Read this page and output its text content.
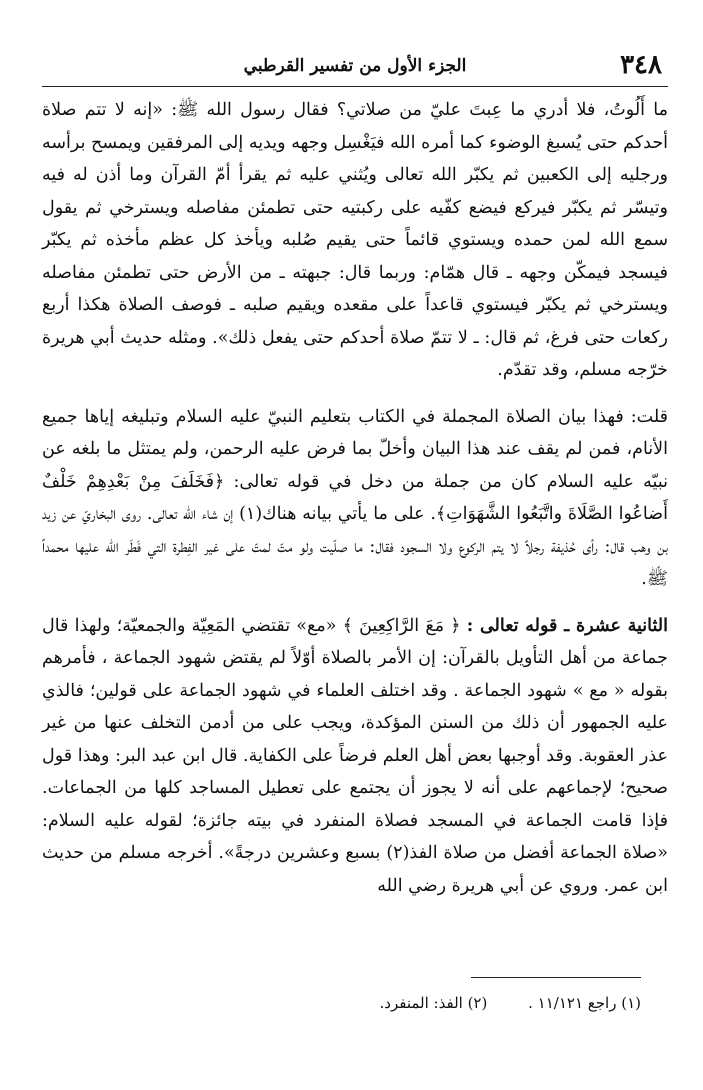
٣٤٨
الجزء الأول من تفسير القرطبي

ما أَلُوتُ، فلا أدري ما عِبتَ عليّ من صلاتي؟ فقال رسول الله ﷺ: «إنه لا تتم صلاة أحدكم حتى يُسبغ الوضوء كما أمره الله فيَغْسِل وجهه ويديه إلى المرفقين ويمسح برأسه ورجليه إلى الكعبين ثم يكبّر الله تعالى ويُثني عليه ثم يقرأ أمّ القرآن وما أذن له فيه وتيسّر ثم يكبّر فيركع فيضع كفّيه على ركبتيه حتى تطمئن مفاصله ويسترخي ثم يقول سمع الله لمن حمده ويستوي قائماً حتى يقيم صُلبه ويأخذ كل عظم مأخذه ثم يكبّر فيسجد فيمكّن وجهه ـ قال همّام: وربما قال: جبهته ـ من الأرض حتى تطمئن مفاصله ويسترخي ثم يكبّر فيستوي قاعداً على مقعده ويقيم صلبه ـ فوصف الصلاة هكذا أربع ركعات حتى فرغ، ثم قال: ـ لا تتمّ صلاة أحدكم حتى يفعل ذلك». ومثله حديث أبي هريرة خرّجه مسلم، وقد تقدّم.

قلت: فهذا بيان الصلاة المجملة في الكتاب بتعليم النبيّ عليه السلام وتبليغه إياها جميع الأنام، فمن لم يقف عند هذا البيان وأخلّ بما فرض عليه الرحمن، ولم يمتثل ما بلغه عن نبيّه عليه السلام كان من جملة من دخل في قوله تعالى: ﴿فَخَلَفَ مِنْ بَعْدِهِمْ خَلْفٌ أَضاعُوا الصَّلَاةَ واتَّبَعُوا الشَّهَوَاتِ﴾. على ما يأتي بيانه هناك(١) إن شاء الله تعالى. روى البخاريّ عن زيد بن وهب قال: رأى حُذيفة رجلاً لا يتم الركوع ولا السجود فقال: ما صلّيت ولو متّ لمتّ على غير الفِطرة التي فَطَر الله عليها محمداً ﷺ.

الثانية عشرة ـ قوله تعالى : ﴿ مَعَ الرَّاكِعِينَ ﴾ «مع» تقتضي المَعِيّة والجمعيّة؛ ولهذا قال جماعة من أهل التأويل بالقرآن: إن الأمر بالصلاة أوّلاً لم يقتض شهود الجماعة ، فأمرهم بقوله « مع » شهود الجماعة . وقد اختلف العلماء في شهود الجماعة على قولين؛ فالذي عليه الجمهور أن ذلك من السنن المؤكدة، ويجب على من أدمن التخلف عنها من غير عذر العقوبة. وقد أوجبها بعض أهل العلم فرضاً على الكفاية. قال ابن عبد البر: وهذا قول صحيح؛ لإجماعهم على أنه لا يجوز أن يجتمع على تعطيل المساجد كلها من الجماعات. فإذا قامت الجماعة في المسجد فصلاة المنفرد في بيته جائزة؛ لقوله عليه السلام: «صلاة الجماعة أفضل من صلاة الفذ(٢) بسبع وعشرين درجةً». أخرجه مسلم من حديث ابن عمر. وروي عن أبي هريرة رضي الله

(١) راجع ١١/١٢١ . (٢) الفذ: المنفرد.
